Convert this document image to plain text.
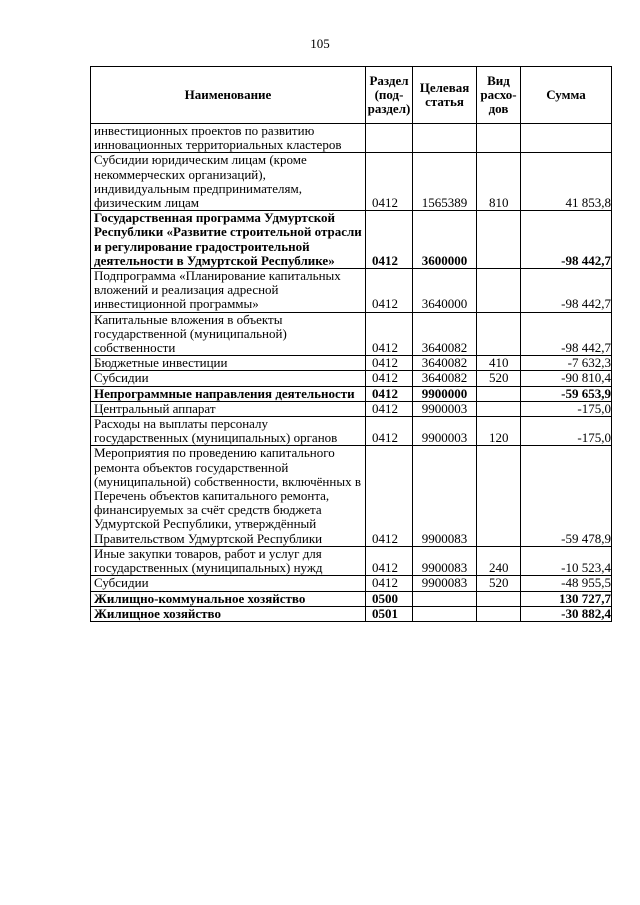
105
Наименование	Раздел (под-раздел)	Целевая статья	Вид расхо-дов	Сумма
инвестиционных проектов по развитию инновационных территориальных кластеров				
Субсидии юридическим лицам (кроме некоммерческих организаций), индивидуальным предпринимателям, физическим лицам	0412	1565389	810	41 853,8
Государственная программа Удмуртской Республики «Развитие строительной отрасли и регулирование градостроительной деятельности в Удмуртской Республике»	0412	3600000		-98 442,7
Подпрограмма «Планирование капитальных вложений и реализация адресной инвестиционной программы»	0412	3640000		-98 442,7
Капитальные вложения в объекты государственной (муниципальной) собственности	0412	3640082		-98 442,7
Бюджетные инвестиции	0412	3640082	410	-7 632,3
Субсидии	0412	3640082	520	-90 810,4
Непрограммные направления деятельности	0412	9900000		-59 653,9
Центральный аппарат	0412	9900003		-175,0
Расходы на выплаты персоналу государственных (муниципальных) органов	0412	9900003	120	-175,0
Мероприятия по проведению капитального ремонта объектов государственной (муниципальной) собственности, включённых в Перечень объектов капитального ремонта, финансируемых за счёт средств бюджета Удмуртской Республики, утверждённый Правительством Удмуртской Республики	0412	9900083		-59 478,9
Иные закупки товаров, работ и услуг для государственных (муниципальных) нужд	0412	9900083	240	-10 523,4
Субсидии	0412	9900083	520	-48 955,5
Жилищно-коммунальное хозяйство	0500			130 727,7
Жилищное хозяйство	0501			-30 882,4
